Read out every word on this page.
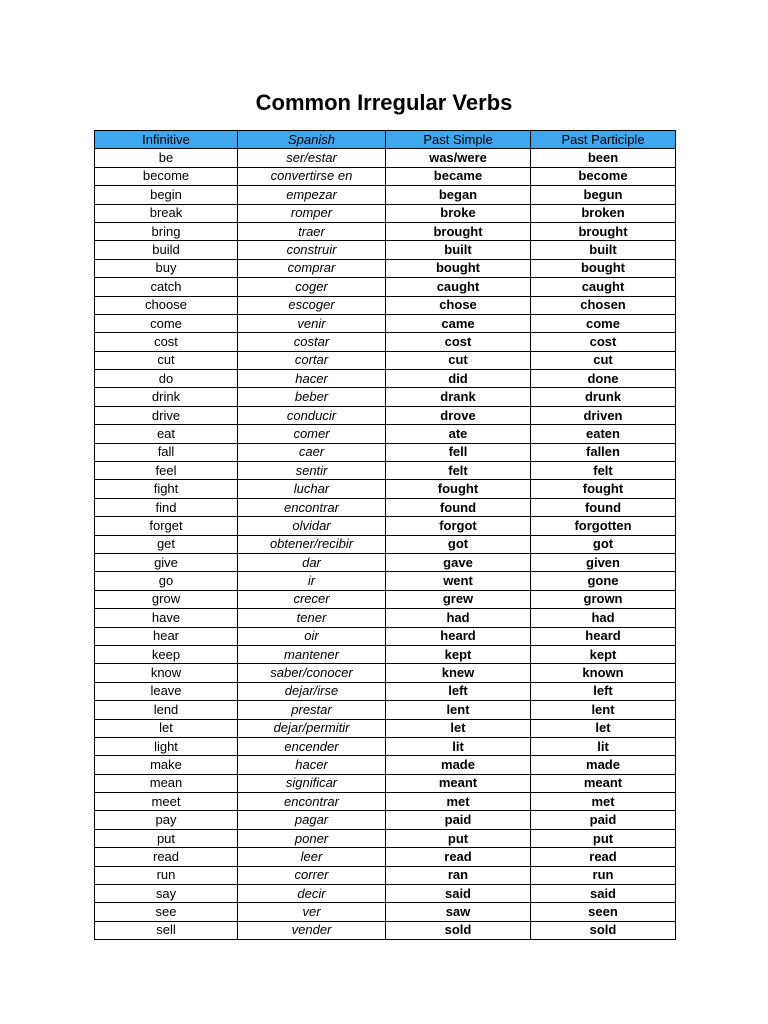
Common Irregular Verbs
Infinitive	Spanish	Past Simple	Past Participle
be	ser/estar	was/were	been
become	convertirse en	became	become
begin	empezar	began	begun
break	romper	broke	broken
bring	traer	brought	brought
build	construir	built	built
buy	comprar	bought	bought
catch	coger	caught	caught
choose	escoger	chose	chosen
come	venir	came	come
cost	costar	cost	cost
cut	cortar	cut	cut
do	hacer	did	done
drink	beber	drank	drunk
drive	conducir	drove	driven
eat	comer	ate	eaten
fall	caer	fell	fallen
feel	sentir	felt	felt
fight	luchar	fought	fought
find	encontrar	found	found
forget	olvidar	forgot	forgotten
get	obtener/recibir	got	got
give	dar	gave	given
go	ir	went	gone
grow	crecer	grew	grown
have	tener	had	had
hear	oir	heard	heard
keep	mantener	kept	kept
know	saber/conocer	knew	known
leave	dejar/irse	left	left
lend	prestar	lent	lent
let	dejar/permitir	let	let
light	encender	lit	lit
make	hacer	made	made
mean	significar	meant	meant
meet	encontrar	met	met
pay	pagar	paid	paid
put	poner	put	put
read	leer	read	read
run	correr	ran	run
say	decir	said	said
see	ver	saw	seen
sell	vender	sold	sold
